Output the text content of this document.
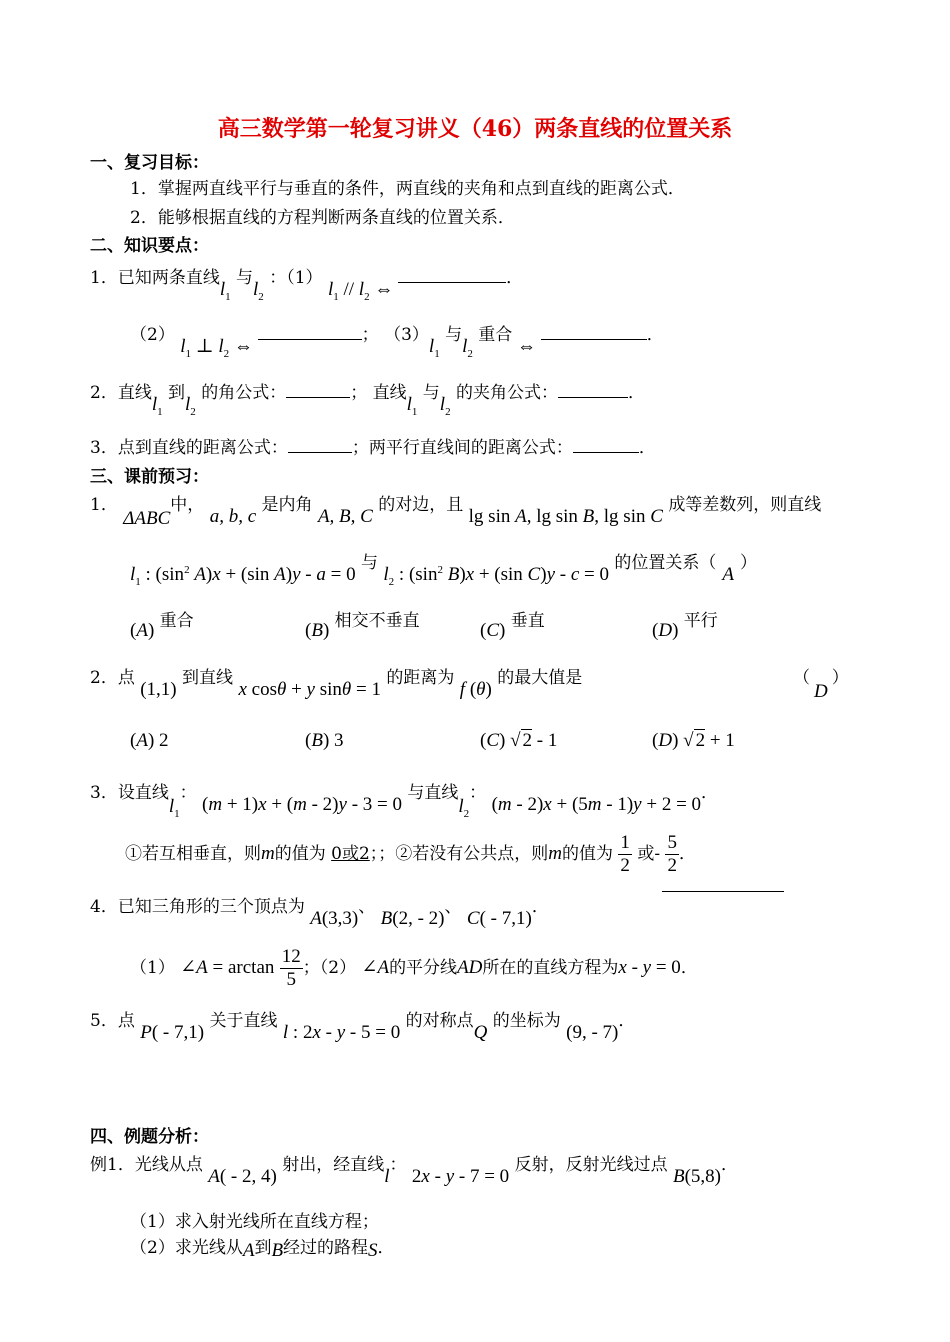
高三数学第一轮复习讲义（46）两条直线的位置关系
一、复习目标：
1．掌握两直线平行与垂直的条件，两直线的夹角和点到直线的距离公式．
2．能够根据直线的方程判断两条直线的位置关系．
二、知识要点：
1．已知两条直线$l_1$ 与$l_2$ ：（1） $l_1 // l_2$ ⇔ ．
（2） $l_1$ ⊥ $l_2$ ⇔ ； $(3)l_1$ 与$l_2$ 重合 ⇔ ．
2．直线$l_1$ 到$l_2$ 的角公式：	； 直线$l_1$ 与$l_2$ 的夹角公式：	．
3．点到直线的距离公式：	；两平行直线间的距离公式：	．
三、课前预习：
1． ΔABC中， a, b, c 是内角 A, B, C 的对边，且 lg sin A, lg sin B, lg sin C 成等差数列，则直线
$l_1$ : ($\sin^2$ A)x + (sin A)y - a = 0 与 $l_2$ : ($\sin^2$ B)x + (sin C)y - c = 0 的位置关系（A）
(A) 重合	(B) 相交不垂直	(C) 垂直	(D) 平行
2．点 (1,1) 到直线 x cosθ + y sinθ = 1 的距离为 f (θ) 的最大值是	（D）
(A) 2	(B) 3	(C) √ 2 - 1	(D) √ 2 + 1
3．设直线$l_1$： (m + 1)x + (m - 2)y - 3 = 0 与直线$l_2$： (m - 2)x + (5m - 1)y + 2 = 0．
①若互相垂直，则m的值为 0或2；；②若没有公共点，则m的值为 $\frac{1}{2}$ 或- $\frac{5}{2}$ ．
4．已知三角形的三个顶点为 A(3,3)、 B(2, - 2)、 C( - 7,1)．
（1） ∠A = $\arctan \frac{12}{5}$ ；（2） ∠A的平分线AD所在的直线方程为x - y = 0．
5．点 P( - 7,1) 关于直线 l : 2x - y - 5 = 0 的对称点Q 的坐标为 (9, - 7)．
四、例题分析：
例1．光线从点 A( - 2, 4) 射出，经直线l： 2x - y - 7 = 0 反射，反射光线过点 B(5,8)．
（1）求入射光线所在直线方程；
（2）求光线从A到B经过的路程S．
